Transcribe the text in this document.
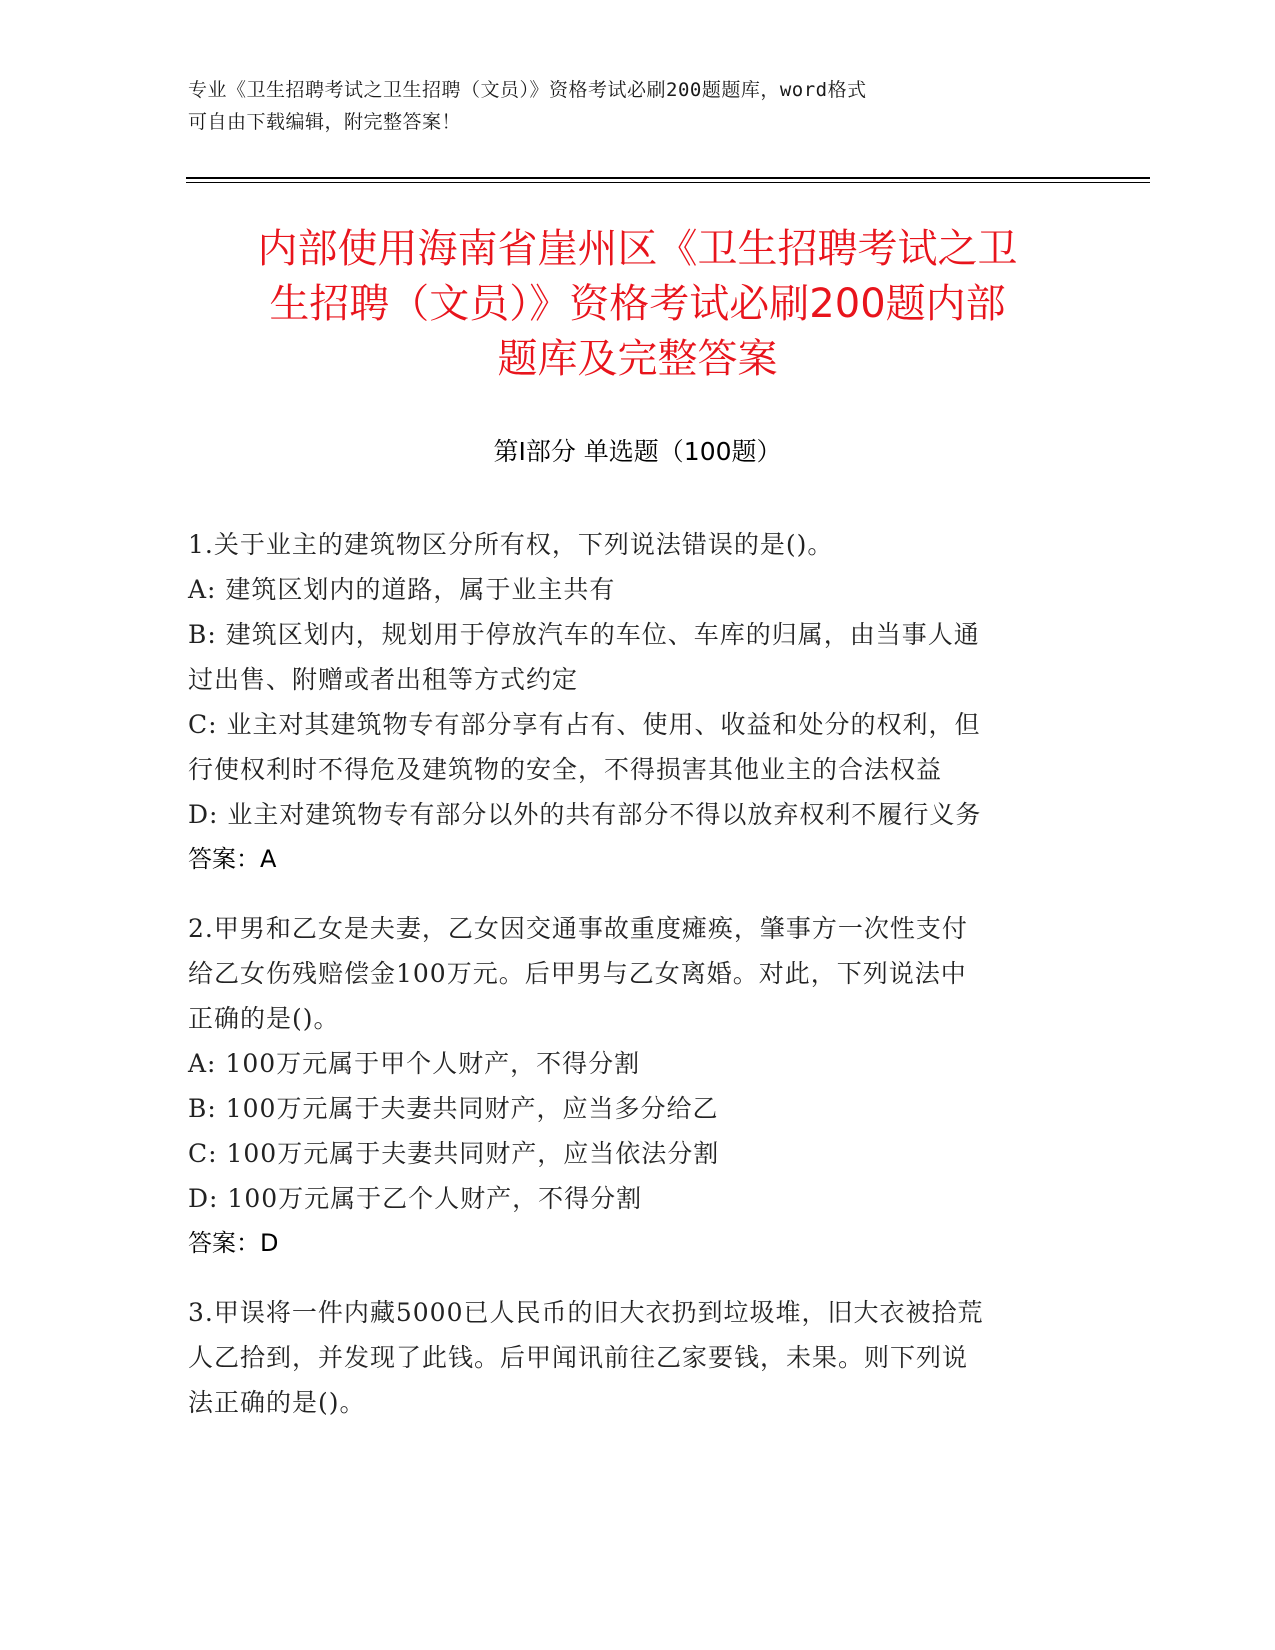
专业《卫生招聘考试之卫生招聘（文员）》资格考试必刷200题题库，word格式
可自由下载编辑，附完整答案！
内部使用海南省崖州区《卫生招聘考试之卫
生招聘（文员）》资格考试必刷200题内部
题库及完整答案
第Ⅰ部分 单选题（100题）
1.关于业主的建筑物区分所有权，下列说法错误的是()。
A: 建筑区划内的道路，属于业主共有
B: 建筑区划内，规划用于停放汽车的车位、车库的归属，由当事人通
过出售、附赠或者出租等方式约定
C: 业主对其建筑物专有部分享有占有、使用、收益和处分的权利，但
行使权利时不得危及建筑物的安全，不得损害其他业主的合法权益
D: 业主对建筑物专有部分以外的共有部分不得以放弃权利不履行义务
答案：A
2.甲男和乙女是夫妻，乙女因交通事故重度瘫痪，肇事方一次性支付
给乙女伤残赔偿金100万元。后甲男与乙女离婚。对此，下列说法中
正确的是()。
A: 100万元属于甲个人财产，不得分割
B: 100万元属于夫妻共同财产，应当多分给乙
C: 100万元属于夫妻共同财产，应当依法分割
D: 100万元属于乙个人财产，不得分割
答案：D
3.甲误将一件内藏5000已人民币的旧大衣扔到垃圾堆，旧大衣被拾荒
人乙拾到，并发现了此钱。后甲闻讯前往乙家要钱，未果。则下列说
法正确的是()。
